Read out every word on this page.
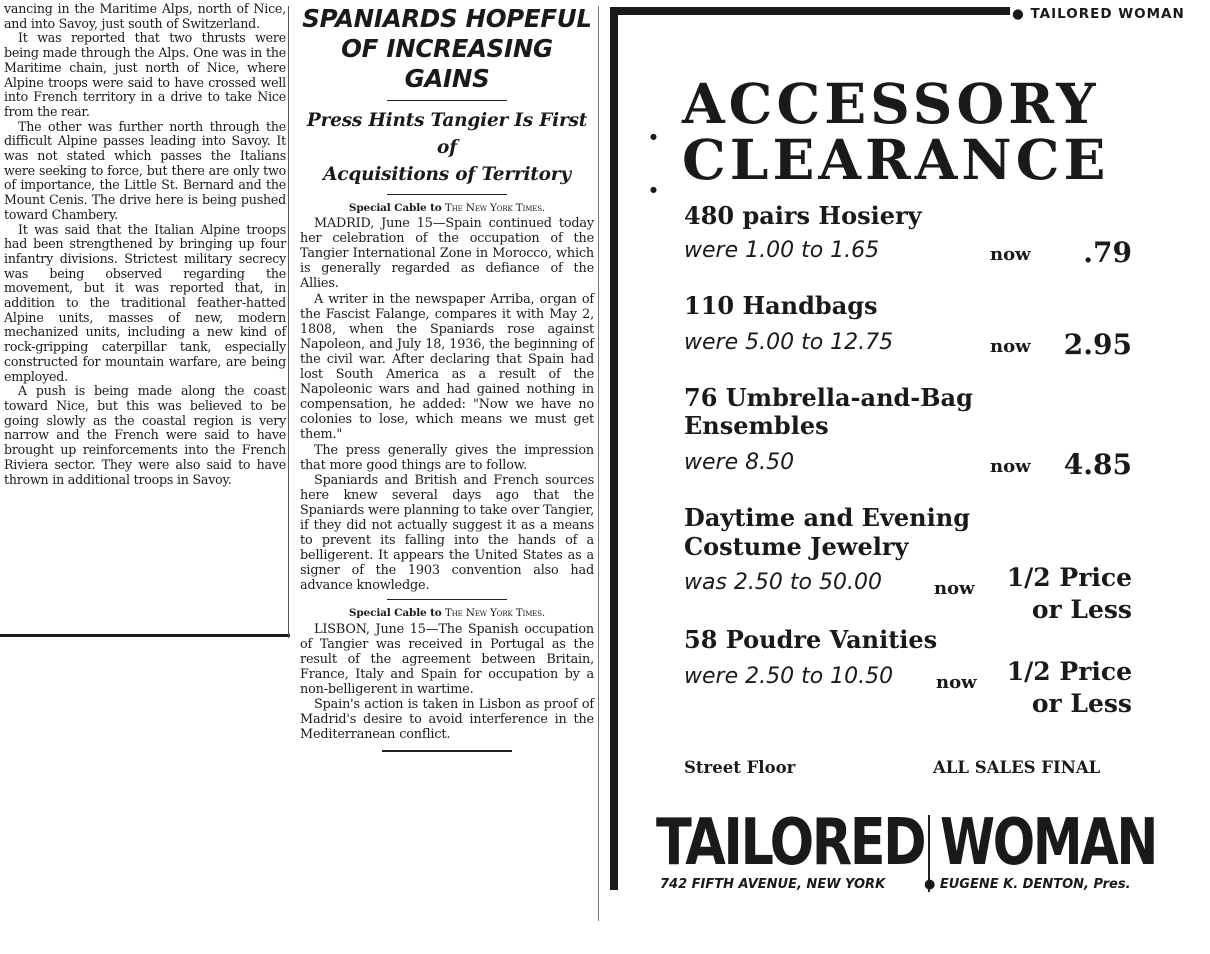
vancing in the Maritime Alps, north of Nice, and into Savoy, just south of Switzerland.

It was reported that two thrusts were being made through the Alps. One was in the Maritime chain, just north of Nice, where Alpine troops were said to have crossed well into French territory in a drive to take Nice from the rear.

The other was further north through the difficult Alpine passes leading into Savoy. It was not stated which passes the Italians were seeking to force, but there are only two of importance, the Little St. Bernard and the Mount Cenis. The drive here is being pushed toward Chambery.

It was said that the Italian Alpine troops had been strengthened by bringing up four infantry divisions. Strictest military secrecy was being observed regarding the movement, but it was reported that, in addition to the traditional feather-hatted Alpine units, masses of new, modern mechanized units, including a new kind of rock-gripping caterpillar tank, especially constructed for mountain warfare, are being employed.

A push is being made along the coast toward Nice, but this was believed to be going slowly as the coastal region is very narrow and the French were said to have brought up reinforcements into the French Riviera sector. They were also said to have thrown in additional troops in Savoy.

SPANIARDS HOPEFUL
OF INCREASING GAINS
Press Hints Tangier Is First of
Acquisitions of Territory

Special Cable to The New York Times.

MADRID, June 15—Spain continued today her celebration of the occupation of the Tangier International Zone in Morocco, which is generally regarded as defiance of the Allies.

A writer in the newspaper Arriba, organ of the Fascist Falange, compares it with May 2, 1808, when the Spaniards rose against Napoleon, and July 18, 1936, the beginning of the civil war. After declaring that Spain had lost South America as a result of the Napoleonic wars and had gained nothing in compensation, he added: "Now we have no colonies to lose, which means we must get them."

The press generally gives the impression that more good things are to follow.

Spaniards and British and French sources here knew several days ago that the Spaniards were planning to take over Tangier, if they did not actually suggest it as a means to prevent its falling into the hands of a belligerent. It appears the United States as a signer of the 1903 convention also had advance knowledge.

Special Cable to The New York Times.

LISBON, June 15—The Spanish occupation of Tangier was received in Portugal as the result of the agreement between Britain, France, Italy and Spain for occupation by a non-belligerent in wartime.

Spain's action is taken in Lisbon as proof of Madrid's desire to avoid interference in the Mediterranean conflict.

● TAILORED WOMAN
ACCESSORY
CLEARANCE
●
●
480 pairs Hosiery
were 1.00 to 1.65	now	.79
110 Handbags
were 5.00 to 12.75	now	2.95
76 Umbrella-and-Bag
Ensembles
were 8.50	now	4.85
Daytime and Evening
Costume Jewelry
was 2.50 to 50.00	now	1/2 Price
or Less
58 Poudre Vanities
were 2.50 to 10.50 now	1/2 Price
or Less
Street Floor	ALL SALES FINAL
TAILORED WOMAN
742 FIFTH AVENUE, NEW YORK	● EUGENE K. DENTON, Pres.
